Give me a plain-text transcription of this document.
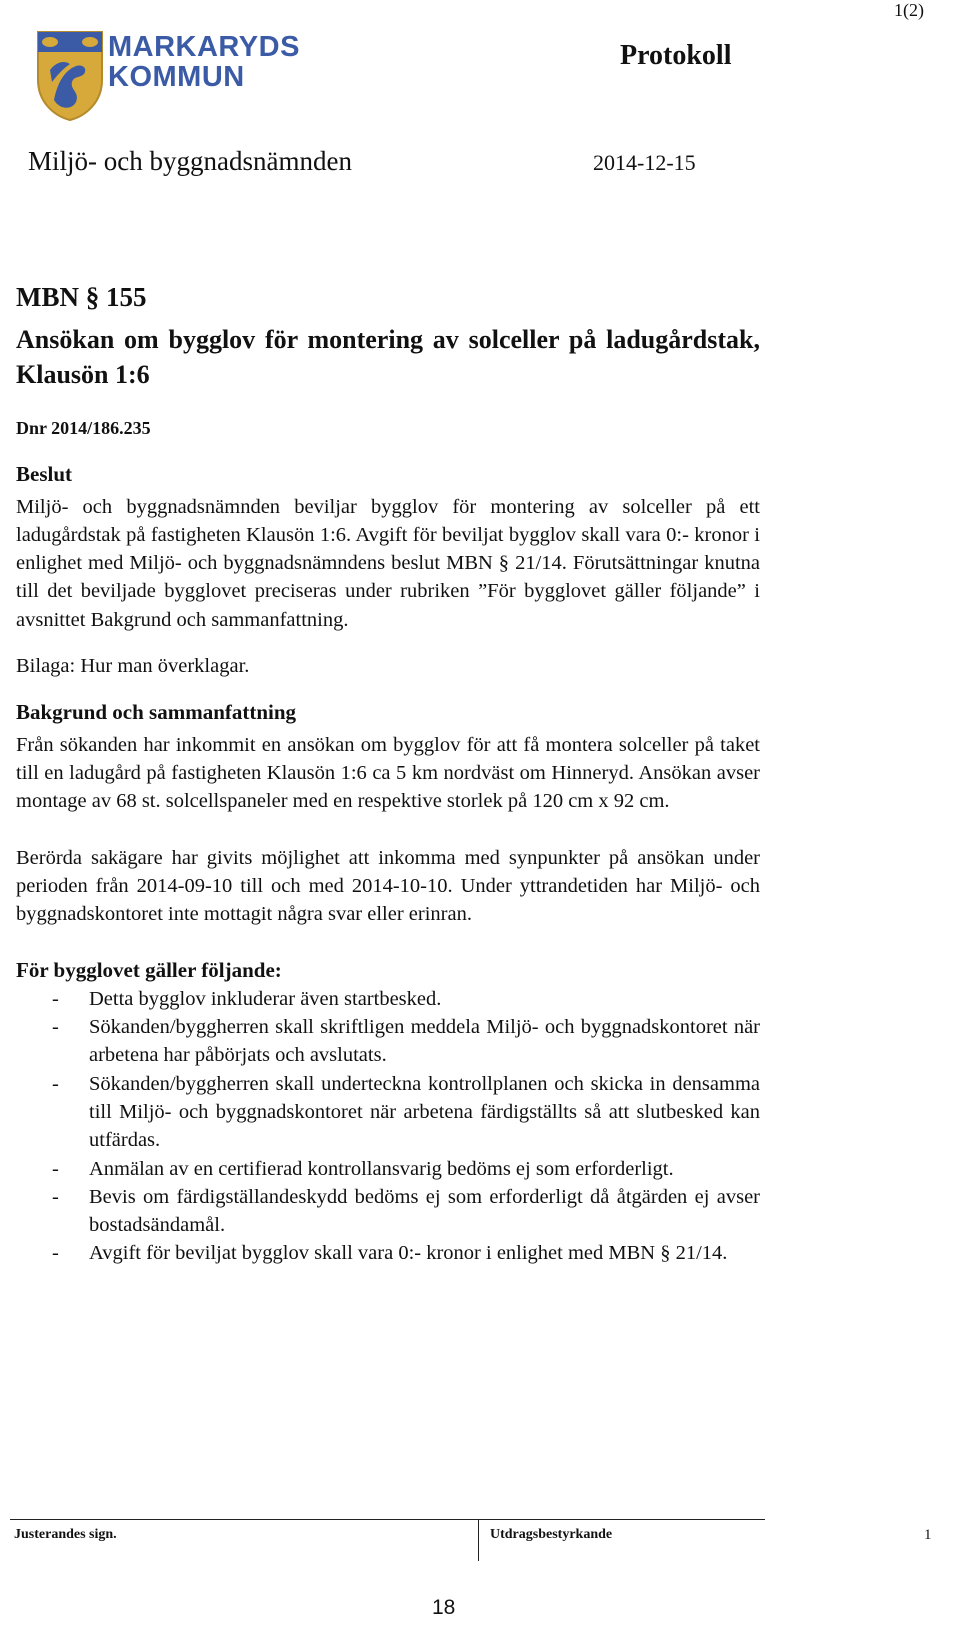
1(2)
MARKARYDS
KOMMUN
Protokoll
Miljö- och byggnadsnämnden	2014-12-15
MBN § 155
Ansökan om bygglov för montering av solceller på ladugårdstak, Klausön 1:6
Dnr 2014/186.235
Beslut

Miljö- och byggnadsnämnden beviljar bygglov för montering av solceller på ett ladugårdstak på fastigheten Klausön 1:6. Avgift för beviljat bygglov skall vara 0:- kronor i enlighet med Miljö- och byggnadsnämndens beslut MBN § 21/14. Förutsättningar knutna till det beviljade bygglovet preciseras under rubriken ”För bygglovet gäller följande” i avsnittet Bakgrund och sammanfattning.

Bilaga: Hur man överklagar.

Bakgrund och sammanfattning

Från sökanden har inkommit en ansökan om bygglov för att få montera solceller på taket till en ladugård på fastigheten Klausön 1:6 ca 5 km nordväst om Hinneryd. Ansökan avser montage av 68 st. solcellspaneler med en respektive storlek på 120 cm x 92 cm.

Berörda sakägare har givits möjlighet att inkomma med synpunkter på ansökan under perioden från 2014-09-10 till och med 2014-10-10. Under yttrandetiden har Miljö- och byggnadskontoret inte mottagit några svar eller erinran.

För bygglovet gäller följande:
- Detta bygglov inkluderar även startbesked.
- Sökanden/byggherren skall skriftligen meddela Miljö- och byggnadskontoret när arbetena har påbörjats och avslutats.
- Sökanden/byggherren skall underteckna kontrollplanen och skicka in densamma till Miljö- och byggnadskontoret när arbetena färdigställts så att slutbesked kan utfärdas.
- Anmälan av en certifierad kontrollansvarig bedöms ej som erforderligt.
- Bevis om färdigställandeskydd bedöms ej som erforderligt då åtgärden ej avser bostadsändamål.
- Avgift för beviljat bygglov skall vara 0:- kronor i enlighet med MBN § 21/14.
Justerandes sign.	Utdragsbestyrkande	1
18
